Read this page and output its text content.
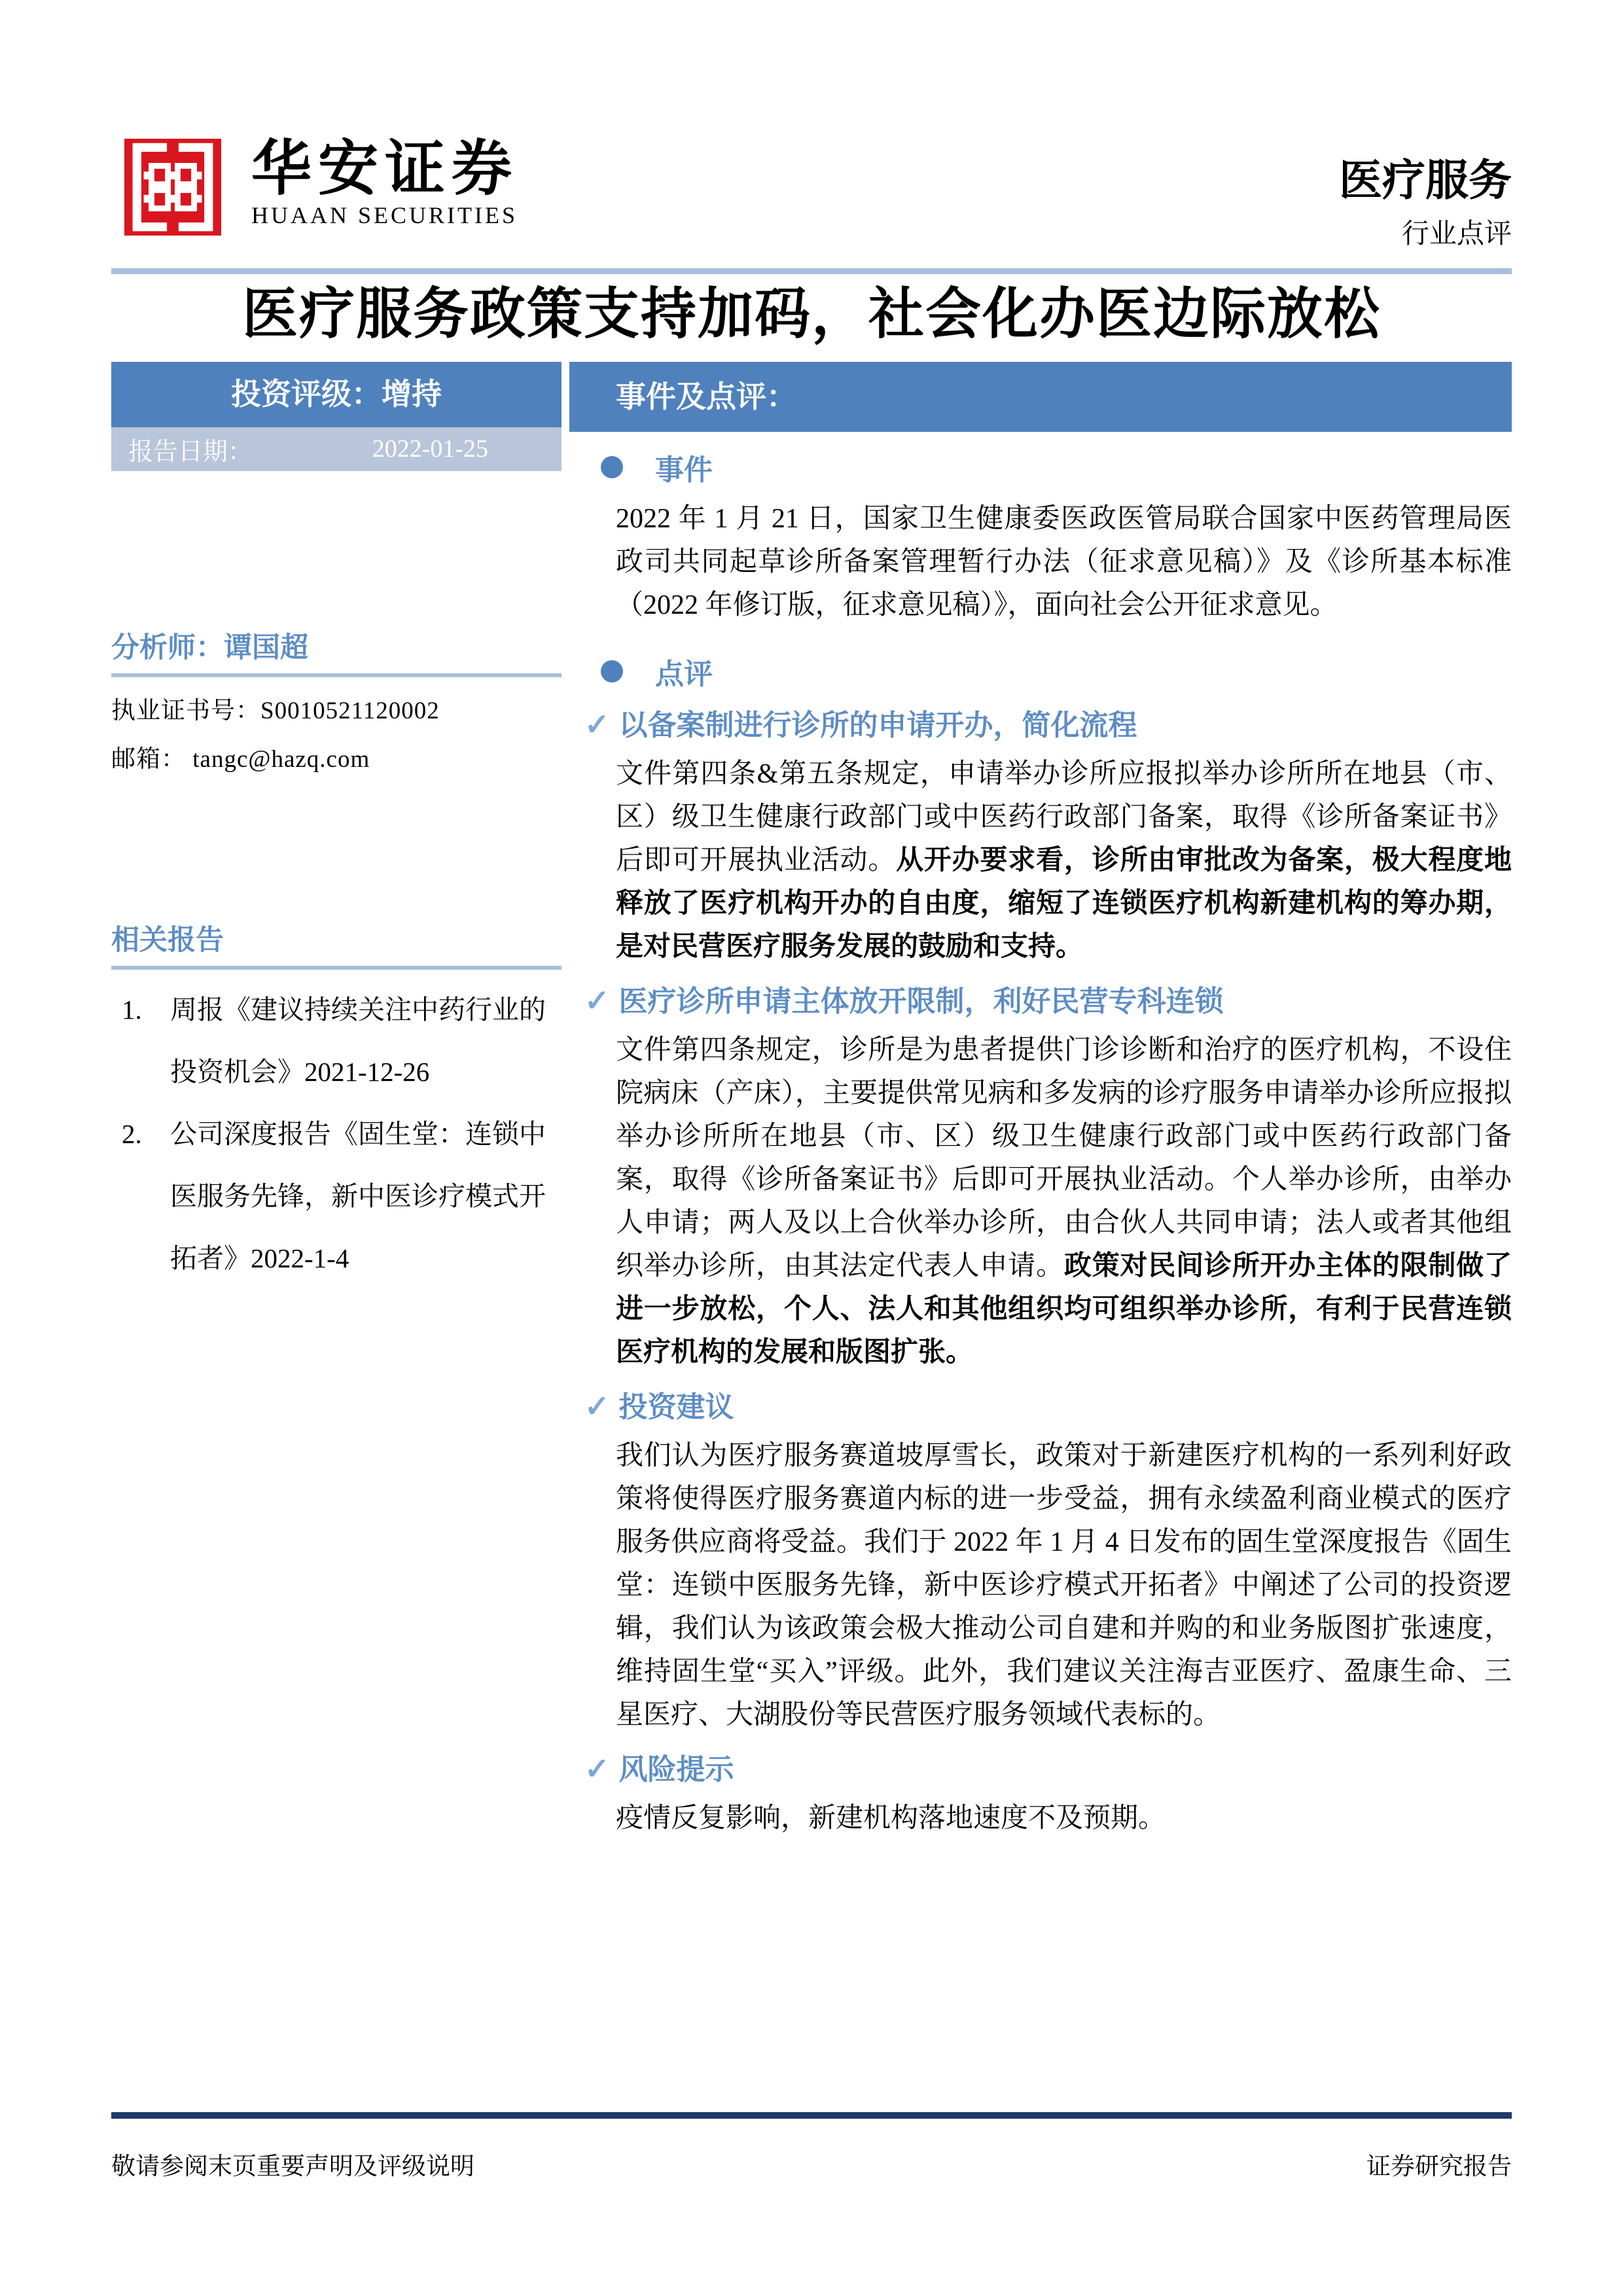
华安证券
HUAAN SECURITIES
医疗服务
行业点评
医疗服务政策支持加码，社会化办医边际放松
投资评级：增持
报告日期：	2022-01-25
分析师：谭国超
执业证书号：S0010521120002
邮箱： tangc@hazq.com
相关报告
1.	周报《建议持续关注中药行业的投资机会》2021-12-26
2.	公司深度报告《固生堂：连锁中医服务先锋，新中医诊疗模式开拓者》2022-1-4
事件及点评：
事件

2022 年 1 月 21 日，国家卫生健康委医政医管局联合国家中医药管理局医政司共同起草诊所备案管理暂行办法（征求意见稿）》及《诊所基本标准（2022 年修订版，征求意见稿）》，面向社会公开征求意见。

点评
✓ 以备案制进行诊所的申请开办，简化流程

文件第四条&第五条规定，申请举办诊所应报拟举办诊所所在地县（市、区）级卫生健康行政部门或中医药行政部门备案，取得《诊所备案证书》后即可开展执业活动。从开办要求看，诊所由审批改为备案，极大程度地释放了医疗机构开办的自由度，缩短了连锁医疗机构新建机构的筹办期，是对民营医疗服务发展的鼓励和支持。

✓ 医疗诊所申请主体放开限制，利好民营专科连锁

文件第四条规定，诊所是为患者提供门诊诊断和治疗的医疗机构，不设住院病床（产床），主要提供常见病和多发病的诊疗服务申请举办诊所应报拟举办诊所所在地县（市、区）级卫生健康行政部门或中医药行政部门备案，取得《诊所备案证书》后即可开展执业活动。个人举办诊所，由举办人申请；两人及以上合伙举办诊所，由合伙人共同申请；法人或者其他组织举办诊所，由其法定代表人申请。政策对民间诊所开办主体的限制做了进一步放松，个人、法人和其他组织均可组织举办诊所，有利于民营连锁医疗机构的发展和版图扩张。

✓ 投资建议

我们认为医疗服务赛道坡厚雪长，政策对于新建医疗机构的一系列利好政策将使得医疗服务赛道内标的进一步受益，拥有永续盈利商业模式的医疗服务供应商将受益。我们于 2022 年 1 月 4 日发布的固生堂深度报告《固生堂：连锁中医服务先锋，新中医诊疗模式开拓者》中阐述了公司的投资逻辑，我们认为该政策会极大推动公司自建和并购的和业务版图扩张速度，维持固生堂“买入”评级。此外，我们建议关注海吉亚医疗、盈康生命、三星医疗、大湖股份等民营医疗服务领域代表标的。

✓ 风险提示

疫情反复影响，新建机构落地速度不及预期。

敬请参阅末页重要声明及评级说明	证券研究报告
